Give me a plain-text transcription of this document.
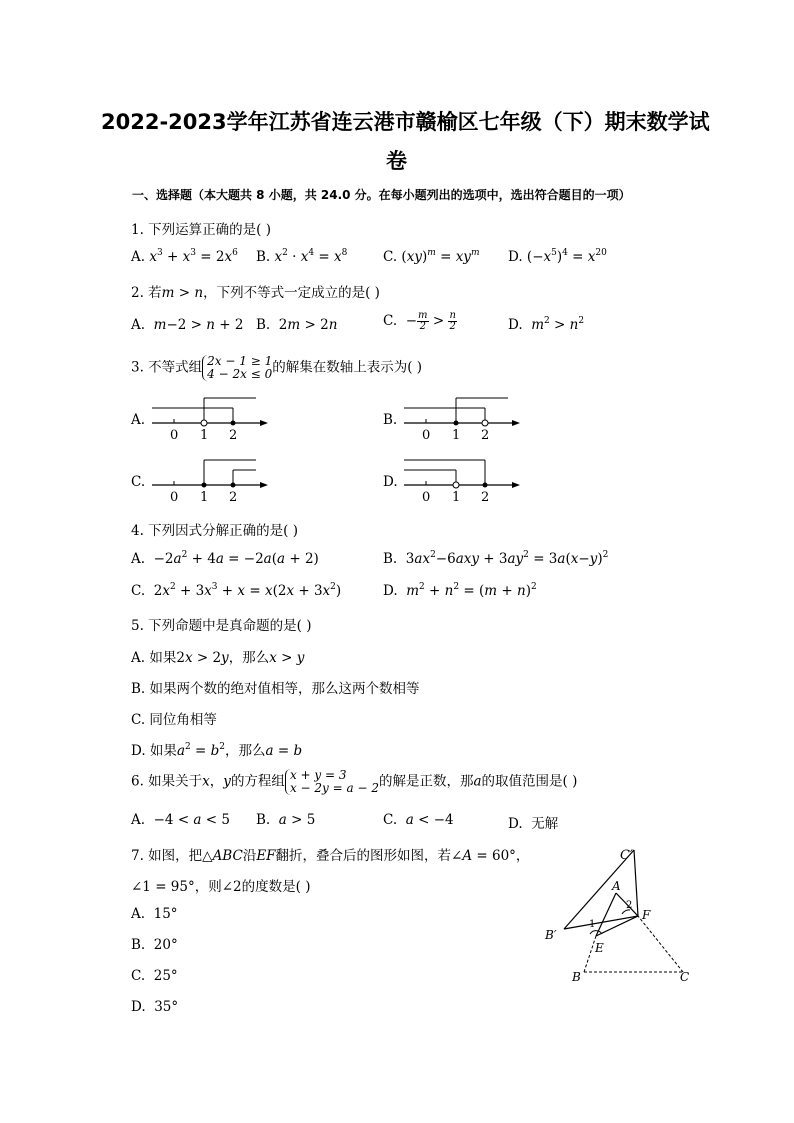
2022-2023学年江苏省连云港市赣榆区七年级（下）期末数学试
卷
一、选择题（本大题共 8 小题，共 24.0 分。在每小题列出的选项中，选出符合题目的一项）
1. 下列运算正确的是( )
A. $x^3 + x^3 = 2x^6$ B. $x^2 \cdot x^4 = x^8$	C. $(xy)^m = xy^m$ D. $(-x^5)^4 = x^{20}$
2. 若m > n，下列不等式一定成立的是( )
A.  m−2 > n + 2 B.  2m > 2n	C.  − $\frac{m}{2} > \frac{n}{2}$	D.  $m^2 > n^2$
3. 不等式组 2x − 1 ≥ 1
4 − 2x ≤ 0 的解集在数轴上表示为( )
A.
0 1 2
B.
0 1 2
C.
0 1 2
D.
0 1 2
4. 下列因式分解正确的是( )
A.  $-2a^2 + 4a = -2a(a + 2)$	B.  $3ax^2-6axy + 3ay^2 = 3a(x-y)^2$
C.  $2x^2 + 3x^3 + x = x(2x + 3x^2)$	D.  $m^2 + n^2 = (m + n)^2$
5. 下列命题中是真命题的是( )
A. 如果2x > 2y，那么x > y
B. 如果两个数的绝对值相等，那么这两个数相等
C. 同位角相等
D. 如果$a^2 = b^2$，那么a = b
6. 如果关于x，y的方程组 x + y = 3
x − 2y = a − 2 的解是正数，那a的取值范围是( )
A.  −4 < a < 5 B.  a > 5	C.  a < −4	D.  无解
7. 如图，把△ABC沿EF翻折，叠合后的图形如图，若∠A = 60°，
∠1 = 95°，则∠2的度数是( )
A.  15°
B.  20°
C.  25°
D.  35°
C′
A
B′
E
F
B	C
1
2
